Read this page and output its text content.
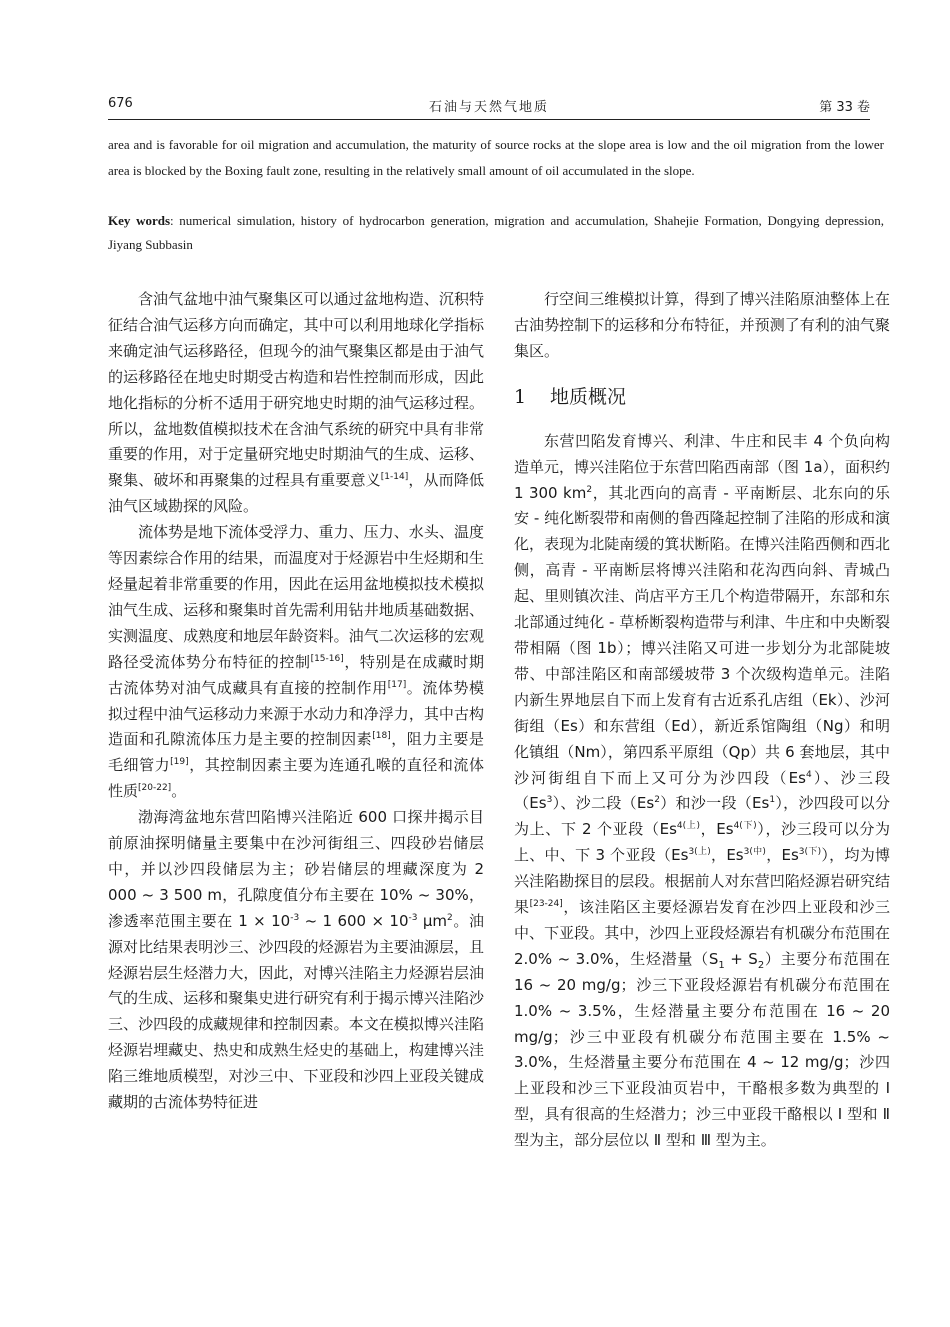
676	石油与天然气地质	第 33 卷
area and is favorable for oil migration and accumulation, the maturity of source rocks at the slope area is low and the oil migration from the lower area is blocked by the Boxing fault zone, resulting in the relatively small amount of oil accumulated in the slope.
Key words: numerical simulation, history of hydrocarbon generation, migration and accumulation, Shahejie Formation, Dongying depression, Jiyang Subbasin

含油气盆地中油气聚集区可以通过盆地构造、沉积特征结合油气运移方向而确定，其中可以利用地球化学指标来确定油气运移路径，但现今的油气聚集区都是由于油气的运移路径在地史时期受古构造和岩性控制而形成，因此地化指标的分析不适用于研究地史时期的油气运移过程。所以，盆地数值模拟技术在含油气系统的研究中具有非常重要的作用，对于定量研究地史时期油气的生成、运移、聚集、破坏和再聚集的过程具有重要意义[1-14]，从而降低油气区域勘探的风险。

流体势是地下流体受浮力、重力、压力、水头、温度等因素综合作用的结果，而温度对于烃源岩中生烃期和生烃量起着非常重要的作用，因此在运用盆地模拟技术模拟油气生成、运移和聚集时首先需利用钻井地质基础数据、实测温度、成熟度和地层年龄资料。油气二次运移的宏观路径受流体势分布特征的控制[15-16]，特别是在成藏时期古流体势对油气成藏具有直接的控制作用[17]。流体势模拟过程中油气运移动力来源于水动力和净浮力，其中古构造面和孔隙流体压力是主要的控制因素[18]，阻力主要是毛细管力[19]，其控制因素主要为连通孔喉的直径和流体性质[20-22]。

渤海湾盆地东营凹陷博兴洼陷近 600 口探井揭示目前原油探明储量主要集中在沙河街组三、四段砂岩储层中，并以沙四段储层为主；砂岩储层的埋藏深度为 2 000 ~ 3 500 m，孔隙度值分布主要在 10% ~ 30%，渗透率范围主要在 $1 \times 10^{-3}$ ~ 1 $600 \times 10^{-3}$ $\mu m^2$。油源对比结果表明沙三、沙四段的烃源岩为主要油源层，且烃源岩层生烃潜力大，因此，对博兴洼陷主力烃源岩层油气的生成、运移和聚集史进行研究有利于揭示博兴洼陷沙三、沙四段的成藏规律和控制因素。本文在模拟博兴洼陷烃源岩埋藏史、热史和成熟生烃史的基础上，构建博兴洼陷三维地质模型，对沙三中、下亚段和沙四上亚段关键成藏期的古流体势特征进

行空间三维模拟计算，得到了博兴洼陷原油整体上在古油势控制下的运移和分布特征，并预测了有利的油气聚集区。

1 地质概况

东营凹陷发育博兴、利津、牛庄和民丰 4 个负向构造单元，博兴洼陷位于东营凹陷西南部（图 1a），面积约 1 300 $km^2$，其北西向的高青 - 平南断层、北东向的乐安 - 纯化断裂带和南侧的鲁西隆起控制了洼陷的形成和演化，表现为北陡南缓的箕状断陷。在博兴洼陷西侧和西北侧，高青 - 平南断层将博兴洼陷和花沟西向斜、青城凸起、里则镇次洼、尚店平方王几个构造带隔开，东部和东北部通过纯化 - 草桥断裂构造带与利津、牛庄和中央断裂带相隔（图 1b）；博兴洼陷又可进一步划分为北部陡坡带、中部洼陷区和南部缓坡带 3 个次级构造单元。洼陷内新生界地层自下而上发育有古近系孔店组（Ek）、沙河街组（Es）和东营组（Ed），新近系馆陶组（Ng）和明化镇组（Nm），第四系平原组（Qp）共 6 套地层，其中沙河街组自下而上又可分为沙四段（Es$^4$）、沙三段（Es$^3$）、沙二段（Es$^2$）和沙一段（Es$^1$），沙四段可以分为上、下 2 个亚段（$Es^{4(上)}$，$Es^{4(下)}$），沙三段可以分为上、中、下 3 个亚段（$Es^{3(上)}$，$Es^{3(中)}$，$Es^{3(下)}$），均为博兴洼陷勘探目的层段。根据前人对东营凹陷烃源岩研究结果[23-24]，该洼陷区主要烃源岩发育在沙四上亚段和沙三中、下亚段。其中，沙四上亚段烃源岩有机碳分布范围在 2.0% ~ 3.0%，生烃潜量$(S_1 + S_2)$主要分布范围在 16 ~ 20 mg/g；沙三下亚段烃源岩有机碳分布范围在 1.0% ~ 3.5%，生烃潜量主要分布范围在 16 ~ 20 mg/g；沙三中亚段有机碳分布范围主要在 1.5% ~ 3.0%，生烃潜量主要分布范围在 4 ~ 12 mg/g；沙四上亚段和沙三下亚段油页岩中，干酪根多数为典型的 Ⅰ 型，具有很高的生烃潜力；沙三中亚段干酪根以 Ⅰ 型和 Ⅱ 型为主，部分层位以 Ⅱ 型和 Ⅲ 型为主。
